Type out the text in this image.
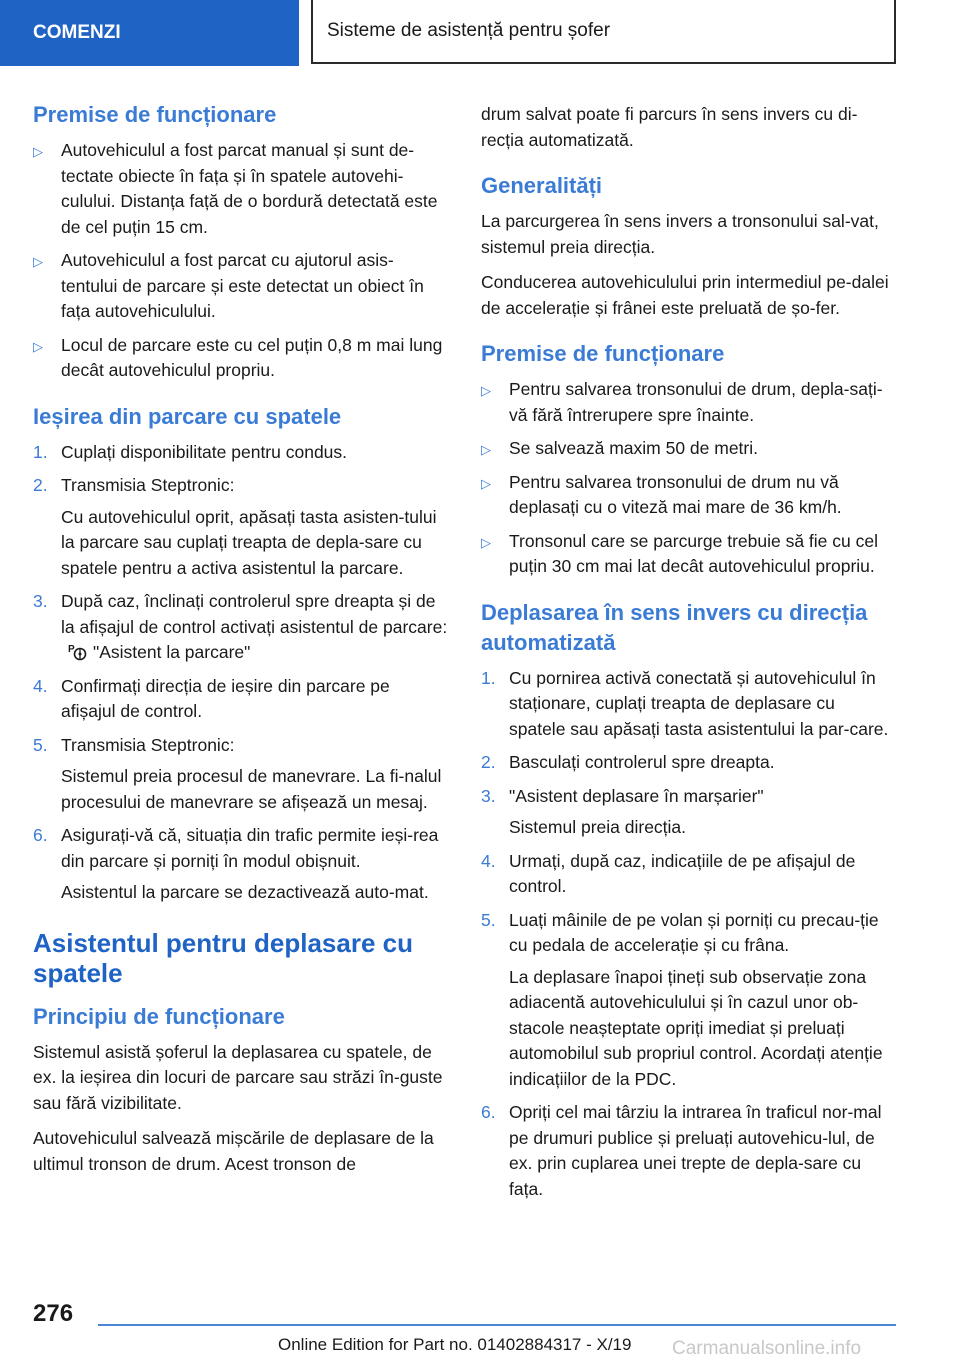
COMENZI	Sisteme de asistență pentru șofer
Premise de funcționare
▷ Autovehiculul a fost parcat manual și sunt de-tectate obiecte în fața și în spatele autovehi-culului. Distanța față de o bordură detectată este de cel puțin 15 cm.
▷ Autovehiculul a fost parcat cu ajutorul asis-tentului de parcare și este detectat un obiect în fața autovehiculului.
▷ Locul de parcare este cu cel puțin 0,8 m mai lung decât autovehiculul propriu.
Ieșirea din parcare cu spatele
1. Cuplați disponibilitate pentru condus.
2. Transmisia Steptronic:

Cu autovehiculul oprit, apăsați tasta asisten-tului la parcare sau cuplați treapta de depla-sare cu spatele pentru a activa asistentul la parcare.

3. După caz, înclinați controlerul spre dreapta și de la afișajul de control activați asistentul de parcare:
P "Asistent la parcare"
4. Confirmați direcția de ieșire din parcare pe afișajul de control.
5. Transmisia Steptronic:

Sistemul preia procesul de manevrare. La fi-nalul procesului de manevrare se afișează un mesaj.

6. Asigurați-vă că, situația din trafic permite ieși-rea din parcare și porniți în modul obișnuit.

Asistentul la parcare se dezactivează auto-mat.

Asistentul pentru deplasare cu spatele
Principiu de funcționare

Sistemul asistă șoferul la deplasarea cu spatele, de ex. la ieșirea din locuri de parcare sau străzi în-guste sau fără vizibilitate.

Autovehiculul salvează mișcările de deplasare de la ultimul tronson de drum. Acest tronson de

drum salvat poate fi parcurs în sens invers cu di-recția automatizată.

Generalități

La parcurgerea în sens invers a tronsonului sal-vat, sistemul preia direcția.

Conducerea autovehiculului prin intermediul pe-dalei de accelerație și frânei este preluată de șo-fer.

Premise de funcționare
▷ Pentru salvarea tronsonului de drum, depla-sați-vă fără întrerupere spre înainte.
▷ Se salvează maxim 50 de metri.
▷ Pentru salvarea tronsonului de drum nu vă deplasați cu o viteză mai mare de 36 km/h.
▷ Tronsonul care se parcurge trebuie să fie cu cel puțin 30 cm mai lat decât autovehiculul propriu.
Deplasarea în sens invers cu direcția automatizată
1. Cu pornirea activă conectată și autovehiculul în staționare, cuplați treapta de deplasare cu spatele sau apăsați tasta asistentului la par-care.
2. Basculați controlerul spre dreapta.
3. "Asistent deplasare în marșarier"

Sistemul preia direcția.

4. Urmați, după caz, indicațiile de pe afișajul de control.
5. Luați mâinile de pe volan și porniți cu precau-ție cu pedala de accelerație și cu frâna.

La deplasare înapoi țineți sub observație zona adiacentă autovehiculului și în cazul unor ob-stacole neașteptate opriți imediat și preluați automobilul sub propriul control. Acordați atenție indicațiilor de la PDC.

6. Opriți cel mai târziu la intrarea în traficul nor-mal pe drumuri publice și preluați autovehicu-lul, de ex. prin cuplarea unei trepte de depla-sare cu fața.
276
Online Edition for Part no. 01402884317 - X/19 Carmanualsonline.info
